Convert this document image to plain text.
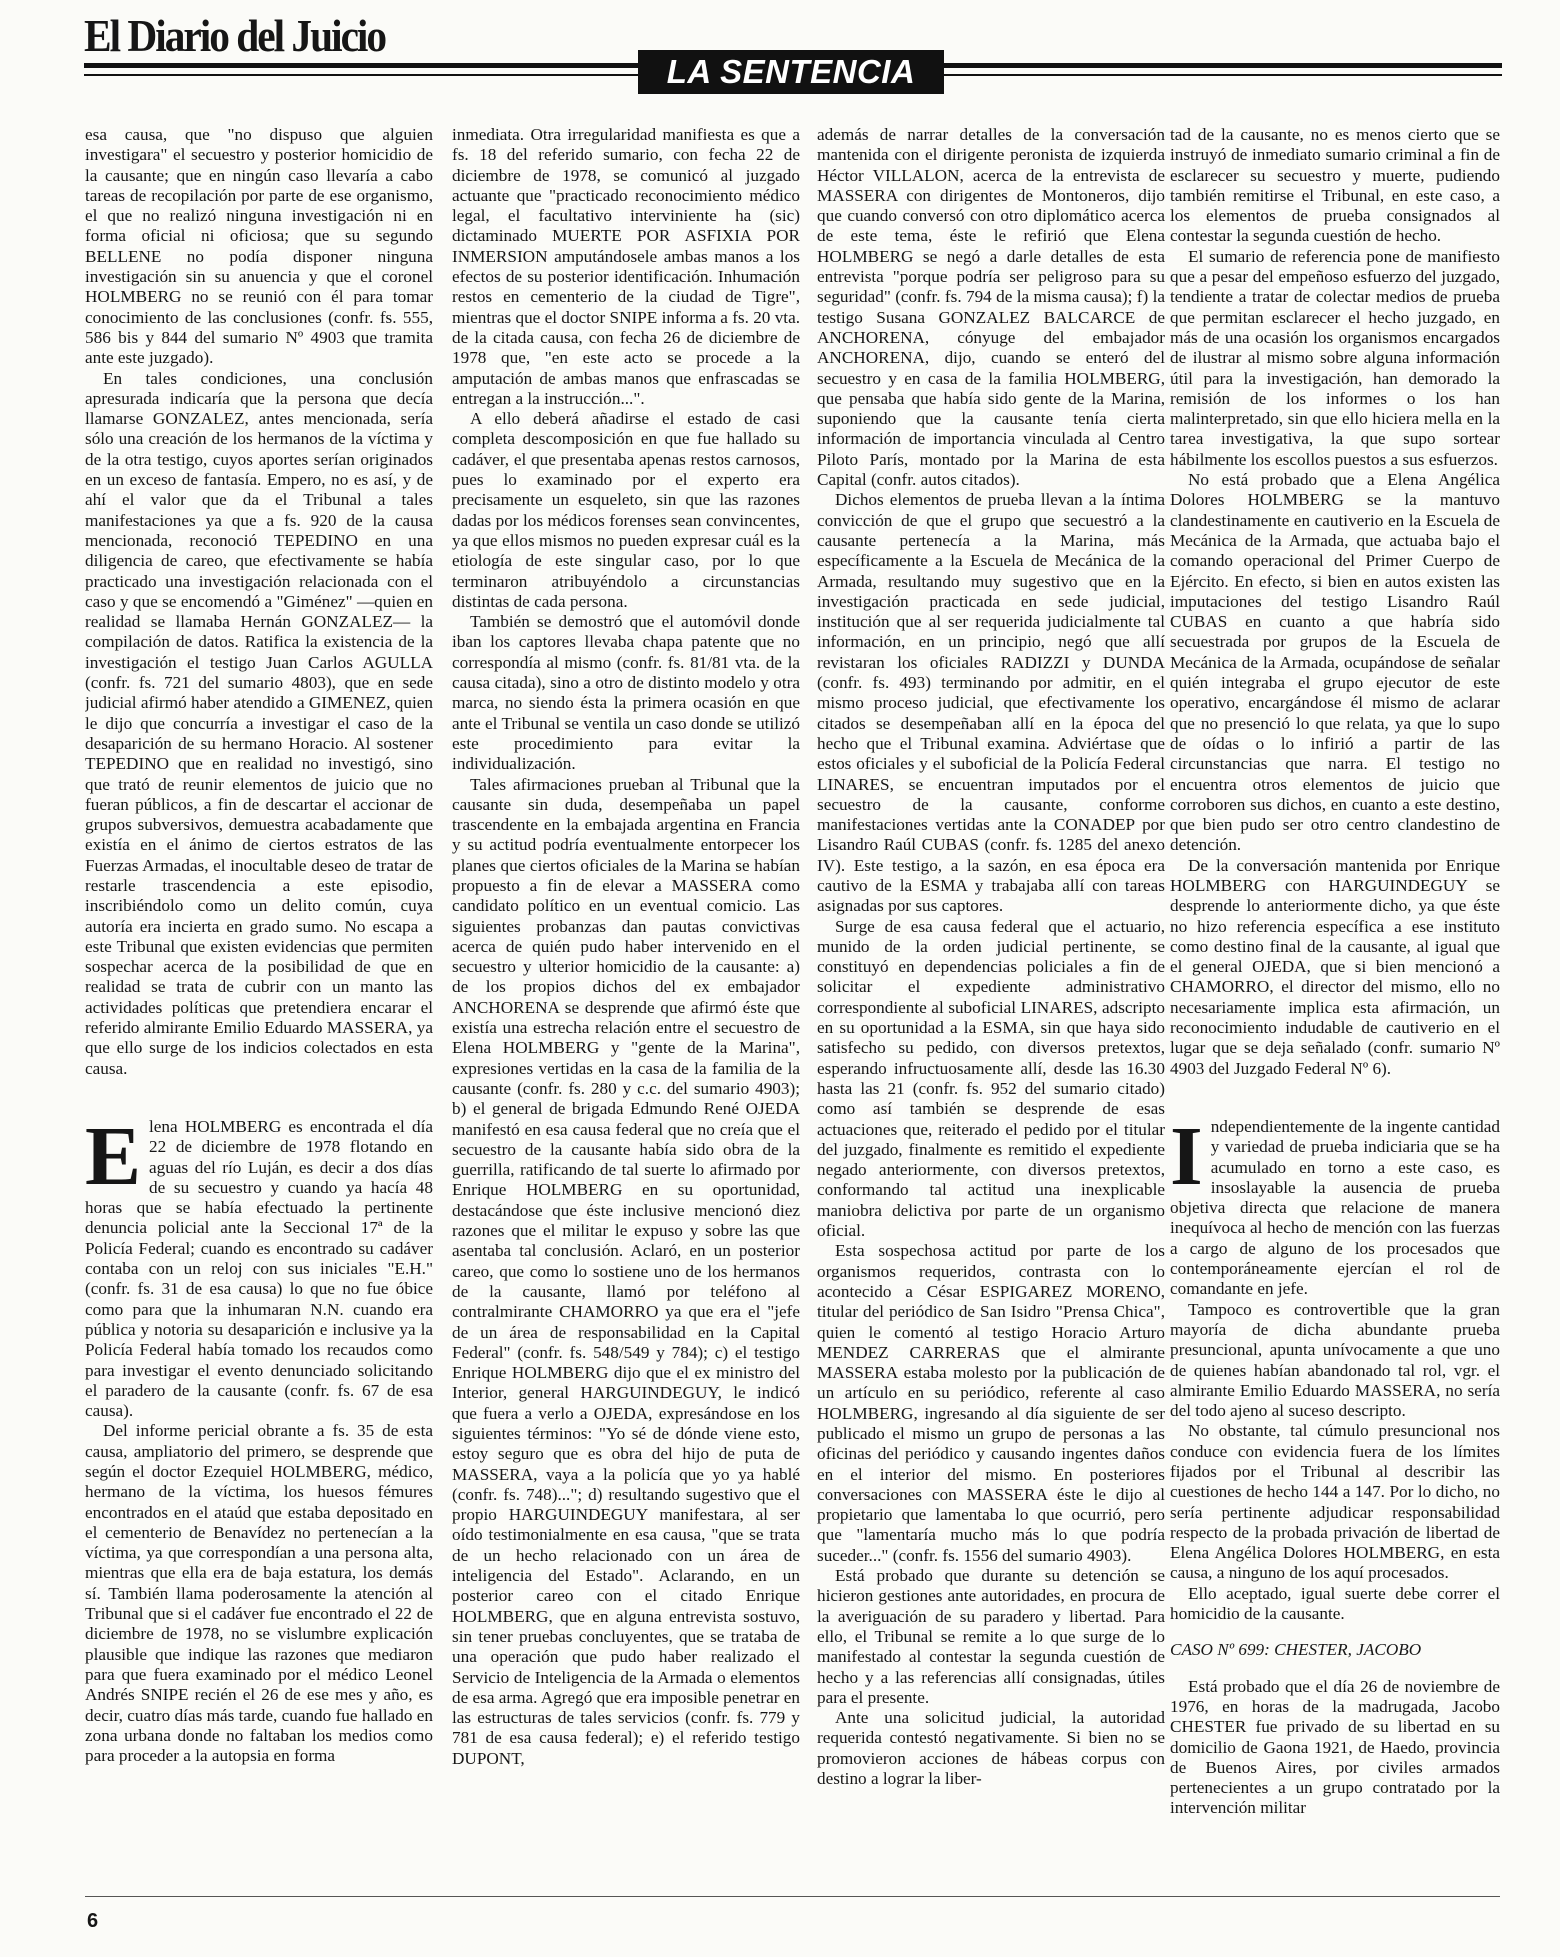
El Diario del Juicio
LA SENTENCIA

esa causa, que "no dispuso que alguien investigara" el secuestro y posterior homicidio de la causante; que en ningún caso llevaría a cabo tareas de recopilación por parte de ese organismo, el que no realizó ninguna investigación ni en forma oficial ni oficiosa; que su segundo BELLENE no podía disponer ninguna investigación sin su anuencia y que el coronel HOLMBERG no se reunió con él para tomar conocimiento de las conclusiones (confr. fs. 555, 586 bis y 844 del sumario Nº 4903 que tramita ante este juzgado).

En tales condiciones, una conclusión apresurada indicaría que la persona que decía llamarse GONZALEZ, antes mencionada, sería sólo una creación de los hermanos de la víctima y de la otra testigo, cuyos aportes serían originados en un exceso de fantasía. Empero, no es así, y de ahí el valor que da el Tribunal a tales manifestaciones ya que a fs. 920 de la causa mencionada, reconoció TEPEDINO en una diligencia de careo, que efectivamente se había practicado una investigación relacionada con el caso y que se encomendó a "Giménez" —quien en realidad se llamaba Hernán GONZALEZ— la compilación de datos. Ratifica la existencia de la investigación el testigo Juan Carlos AGULLA (confr. fs. 721 del sumario 4803), que en sede judicial afirmó haber atendido a GIMENEZ, quien le dijo que concurría a investigar el caso de la desaparición de su hermano Horacio. Al sostener TEPEDINO que en realidad no investigó, sino que trató de reunir elementos de juicio que no fueran públicos, a fin de descartar el accionar de grupos subversivos, demuestra acabadamente que existía en el ánimo de ciertos estratos de las Fuerzas Armadas, el inocultable deseo de tratar de restarle trascendencia a este episodio, inscribiéndolo como un delito común, cuya autoría era incierta en grado sumo. No escapa a este Tribunal que existen evidencias que permiten sospechar acerca de la posibilidad de que en realidad se trata de cubrir con un manto las actividades políticas que pretendiera encarar el referido almirante Emilio Eduardo MASSERA, ya que ello surge de los indicios colectados en esta causa.

Elena HOLMBERG es encontrada el día 22 de diciembre de 1978 flotando en aguas del río Luján, es decir a dos días de su secuestro y cuando ya hacía 48 horas que se había efectuado la pertinente denuncia policial ante la Seccional 17ª de la Policía Federal; cuando es encontrado su cadáver contaba con un reloj con sus iniciales "E.H." (confr. fs. 31 de esa causa) lo que no fue óbice como para que la inhumaran N.N. cuando era pública y notoria su desaparición e inclusive ya la Policía Federal había tomado los recaudos como para investigar el evento denunciado solicitando el paradero de la causante (confr. fs. 67 de esa causa).

Del informe pericial obrante a fs. 35 de esta causa, ampliatorio del primero, se desprende que según el doctor Ezequiel HOLMBERG, médico, hermano de la víctima, los huesos fémures encontrados en el ataúd que estaba depositado en el cementerio de Benavídez no pertenecían a la víctima, ya que correspondían a una persona alta, mientras que ella era de baja estatura, los demás sí. También llama poderosamente la atención al Tribunal que si el cadáver fue encontrado el 22 de diciembre de 1978, no se vislumbre explicación plausible que indique las razones que mediaron para que fuera examinado por el médico Leonel Andrés SNIPE recién el 26 de ese mes y año, es decir, cuatro días más tarde, cuando fue hallado en zona urbana donde no faltaban los medios como para proceder a la autopsia en forma

inmediata. Otra irregularidad manifiesta es que a fs. 18 del referido sumario, con fecha 22 de diciembre de 1978, se comunicó al juzgado actuante que "practicado reconocimiento médico legal, el facultativo interviniente ha (sic) dictaminado MUERTE POR ASFIXIA POR INMERSION amputándosele ambas manos a los efectos de su posterior identificación. Inhumación restos en cementerio de la ciudad de Tigre", mientras que el doctor SNIPE informa a fs. 20 vta. de la citada causa, con fecha 26 de diciembre de 1978 que, "en este acto se procede a la amputación de ambas manos que enfrascadas se entregan a la instrucción...".

A ello deberá añadirse el estado de casi completa descomposición en que fue hallado su cadáver, el que presentaba apenas restos carnosos, pues lo examinado por el experto era precisamente un esqueleto, sin que las razones dadas por los médicos forenses sean convincentes, ya que ellos mismos no pueden expresar cuál es la etiología de este singular caso, por lo que terminaron atribuyéndolo a circunstancias distintas de cada persona.

También se demostró que el automóvil donde iban los captores llevaba chapa patente que no correspondía al mismo (confr. fs. 81/81 vta. de la causa citada), sino a otro de distinto modelo y otra marca, no siendo ésta la primera ocasión en que ante el Tribunal se ventila un caso donde se utilizó este procedimiento para evitar la individualización.

Tales afirmaciones prueban al Tribunal que la causante sin duda, desempeñaba un papel trascendente en la embajada argentina en Francia y su actitud podría eventualmente entorpecer los planes que ciertos oficiales de la Marina se habían propuesto a fin de elevar a MASSERA como candidato político en un eventual comicio. Las siguientes probanzas dan pautas convictivas acerca de quién pudo haber intervenido en el secuestro y ulterior homicidio de la causante: a) de los propios dichos del ex embajador ANCHORENA se desprende que afirmó éste que existía una estrecha relación entre el secuestro de Elena HOLMBERG y "gente de la Marina", expresiones vertidas en la casa de la familia de la causante (confr. fs. 280 y c.c. del sumario 4903); b) el general de brigada Edmundo René OJEDA manifestó en esa causa federal que no creía que el secuestro de la causante había sido obra de la guerrilla, ratificando de tal suerte lo afirmado por Enrique HOLMBERG en su oportunidad, destacándose que éste inclusive mencionó diez razones que el militar le expuso y sobre las que asentaba tal conclusión. Aclaró, en un posterior careo, que como lo sostiene uno de los hermanos de la causante, llamó por teléfono al contralmirante CHAMORRO ya que era el "jefe de un área de responsabilidad en la Capital Federal" (confr. fs. 548/549 y 784); c) el testigo Enrique HOLMBERG dijo que el ex ministro del Interior, general HARGUINDEGUY, le indicó que fuera a verlo a OJEDA, expresándose en los siguientes términos: "Yo sé de dónde viene esto, estoy seguro que es obra del hijo de puta de MASSERA, vaya a la policía que yo ya hablé (confr. fs. 748)..."; d) resultando sugestivo que el propio HARGUINDEGUY manifestara, al ser oído testimonialmente en esa causa, "que se trata de un hecho relacionado con un área de inteligencia del Estado". Aclarando, en un posterior careo con el citado Enrique HOLMBERG, que en alguna entrevista sostuvo, sin tener pruebas concluyentes, que se trataba de una operación que pudo haber realizado el Servicio de Inteligencia de la Armada o elementos de esa arma. Agregó que era imposible penetrar en las estructuras de tales servicios (confr. fs. 779 y 781 de esa causa federal); e) el referido testigo DUPONT,

además de narrar detalles de la conversación mantenida con el dirigente peronista de izquierda Héctor VILLALON, acerca de la entrevista de MASSERA con dirigentes de Montoneros, dijo que cuando conversó con otro diplomático acerca de este tema, éste le refirió que Elena HOLMBERG se negó a darle detalles de esta entrevista "porque podría ser peligroso para su seguridad" (confr. fs. 794 de la misma causa); f) la testigo Susana GONZALEZ BALCARCE de ANCHORENA, cónyuge del embajador ANCHORENA, dijo, cuando se enteró del secuestro y en casa de la familia HOLMBERG, que pensaba que había sido gente de la Marina, suponiendo que la causante tenía cierta información de importancia vinculada al Centro Piloto París, montado por la Marina de esta Capital (confr. autos citados).

Dichos elementos de prueba llevan a la íntima convicción de que el grupo que secuestró a la causante pertenecía a la Marina, más específicamente a la Escuela de Mecánica de la Armada, resultando muy sugestivo que en la investigación practicada en sede judicial, institución que al ser requerida judicialmente tal información, en un principio, negó que allí revistaran los oficiales RADIZZI y DUNDA (confr. fs. 493) terminando por admitir, en el mismo proceso judicial, que efectivamente los citados se desempeñaban allí en la época del hecho que el Tribunal examina. Adviértase que estos oficiales y el suboficial de la Policía Federal LINARES, se encuentran imputados por el secuestro de la causante, conforme manifestaciones vertidas ante la CONADEP por Lisandro Raúl CUBAS (confr. fs. 1285 del anexo IV). Este testigo, a la sazón, en esa época era cautivo de la ESMA y trabajaba allí con tareas asignadas por sus captores.

Surge de esa causa federal que el actuario, munido de la orden judicial pertinente, se constituyó en dependencias policiales a fin de solicitar el expediente administrativo correspondiente al suboficial LINARES, adscripto en su oportunidad a la ESMA, sin que haya sido satisfecho su pedido, con diversos pretextos, esperando infructuosamente allí, desde las 16.30 hasta las 21 (confr. fs. 952 del sumario citado) como así también se desprende de esas actuaciones que, reiterado el pedido por el titular del juzgado, finalmente es remitido el expediente negado anteriormente, con diversos pretextos, conformando tal actitud una inexplicable maniobra delictiva por parte de un organismo oficial.

Esta sospechosa actitud por parte de los organismos requeridos, contrasta con lo acontecido a César ESPIGAREZ MORENO, titular del periódico de San Isidro "Prensa Chica", quien le comentó al testigo Horacio Arturo MENDEZ CARRERAS que el almirante MASSERA estaba molesto por la publicación de un artículo en su periódico, referente al caso HOLMBERG, ingresando al día siguiente de ser publicado el mismo un grupo de personas a las oficinas del periódico y causando ingentes daños en el interior del mismo. En posteriores conversaciones con MASSERA éste le dijo al propietario que lamentaba lo que ocurrió, pero que "lamentaría mucho más lo que podría suceder..." (confr. fs. 1556 del sumario 4903).

Está probado que durante su detención se hicieron gestiones ante autoridades, en procura de la averiguación de su paradero y libertad. Para ello, el Tribunal se remite a lo que surge de lo manifestado al contestar la segunda cuestión de hecho y a las referencias allí consignadas, útiles para el presente.

Ante una solicitud judicial, la autoridad requerida contestó negativamente. Si bien no se promovieron acciones de hábeas corpus con destino a lograr la liber-

tad de la causante, no es menos cierto que se instruyó de inmediato sumario criminal a fin de esclarecer su secuestro y muerte, pudiendo también remitirse el Tribunal, en este caso, a los elementos de prueba consignados al contestar la segunda cuestión de hecho.

El sumario de referencia pone de manifiesto que a pesar del empeñoso esfuerzo del juzgado, tendiente a tratar de colectar medios de prueba que permitan esclarecer el hecho juzgado, en más de una ocasión los organismos encargados de ilustrar al mismo sobre alguna información útil para la investigación, han demorado la remisión de los informes o los han malinterpretado, sin que ello hiciera mella en la tarea investigativa, la que supo sortear hábilmente los escollos puestos a sus esfuerzos.

No está probado que a Elena Angélica Dolores HOLMBERG se la mantuvo clandestinamente en cautiverio en la Escuela de Mecánica de la Armada, que actuaba bajo el comando operacional del Primer Cuerpo de Ejército. En efecto, si bien en autos existen las imputaciones del testigo Lisandro Raúl CUBAS en cuanto a que habría sido secuestrada por grupos de la Escuela de Mecánica de la Armada, ocupándose de señalar quién integraba el grupo ejecutor de este operativo, encargándose él mismo de aclarar que no presenció lo que relata, ya que lo supo de oídas o lo infirió a partir de las circunstancias que narra. El testigo no encuentra otros elementos de juicio que corroboren sus dichos, en cuanto a este destino, que bien pudo ser otro centro clandestino de detención.

De la conversación mantenida por Enrique HOLMBERG con HARGUINDEGUY se desprende lo anteriormente dicho, ya que éste no hizo referencia específica a ese instituto como destino final de la causante, al igual que el general OJEDA, que si bien mencionó a CHAMORRO, el director del mismo, ello no necesariamente implica esta afirmación, un reconocimiento indudable de cautiverio en el lugar que se deja señalado (confr. sumario Nº 4903 del Juzgado Federal Nº 6).

Independientemente de la ingente cantidad y variedad de prueba indiciaria que se ha acumulado en torno a este caso, es insoslayable la ausencia de prueba objetiva directa que relacione de manera inequívoca al hecho de mención con las fuerzas a cargo de alguno de los procesados que contemporáneamente ejercían el rol de comandante en jefe.

Tampoco es controvertible que la gran mayoría de dicha abundante prueba presuncional, apunta unívocamente a que uno de quienes habían abandonado tal rol, vgr. el almirante Emilio Eduardo MASSERA, no sería del todo ajeno al suceso descripto.

No obstante, tal cúmulo presuncional nos conduce con evidencia fuera de los límites fijados por el Tribunal al describir las cuestiones de hecho 144 a 147. Por lo dicho, no sería pertinente adjudicar responsabilidad respecto de la probada privación de libertad de Elena Angélica Dolores HOLMBERG, en esta causa, a ninguno de los aquí procesados.

Ello aceptado, igual suerte debe correr el homicidio de la causante.

CASO Nº 699: CHESTER, JACOBO

Está probado que el día 26 de noviembre de 1976, en horas de la madrugada, Jacobo CHESTER fue privado de su libertad en su domicilio de Gaona 1921, de Haedo, provincia de Buenos Aires, por civiles armados pertenecientes a un grupo contratado por la intervención militar

6
